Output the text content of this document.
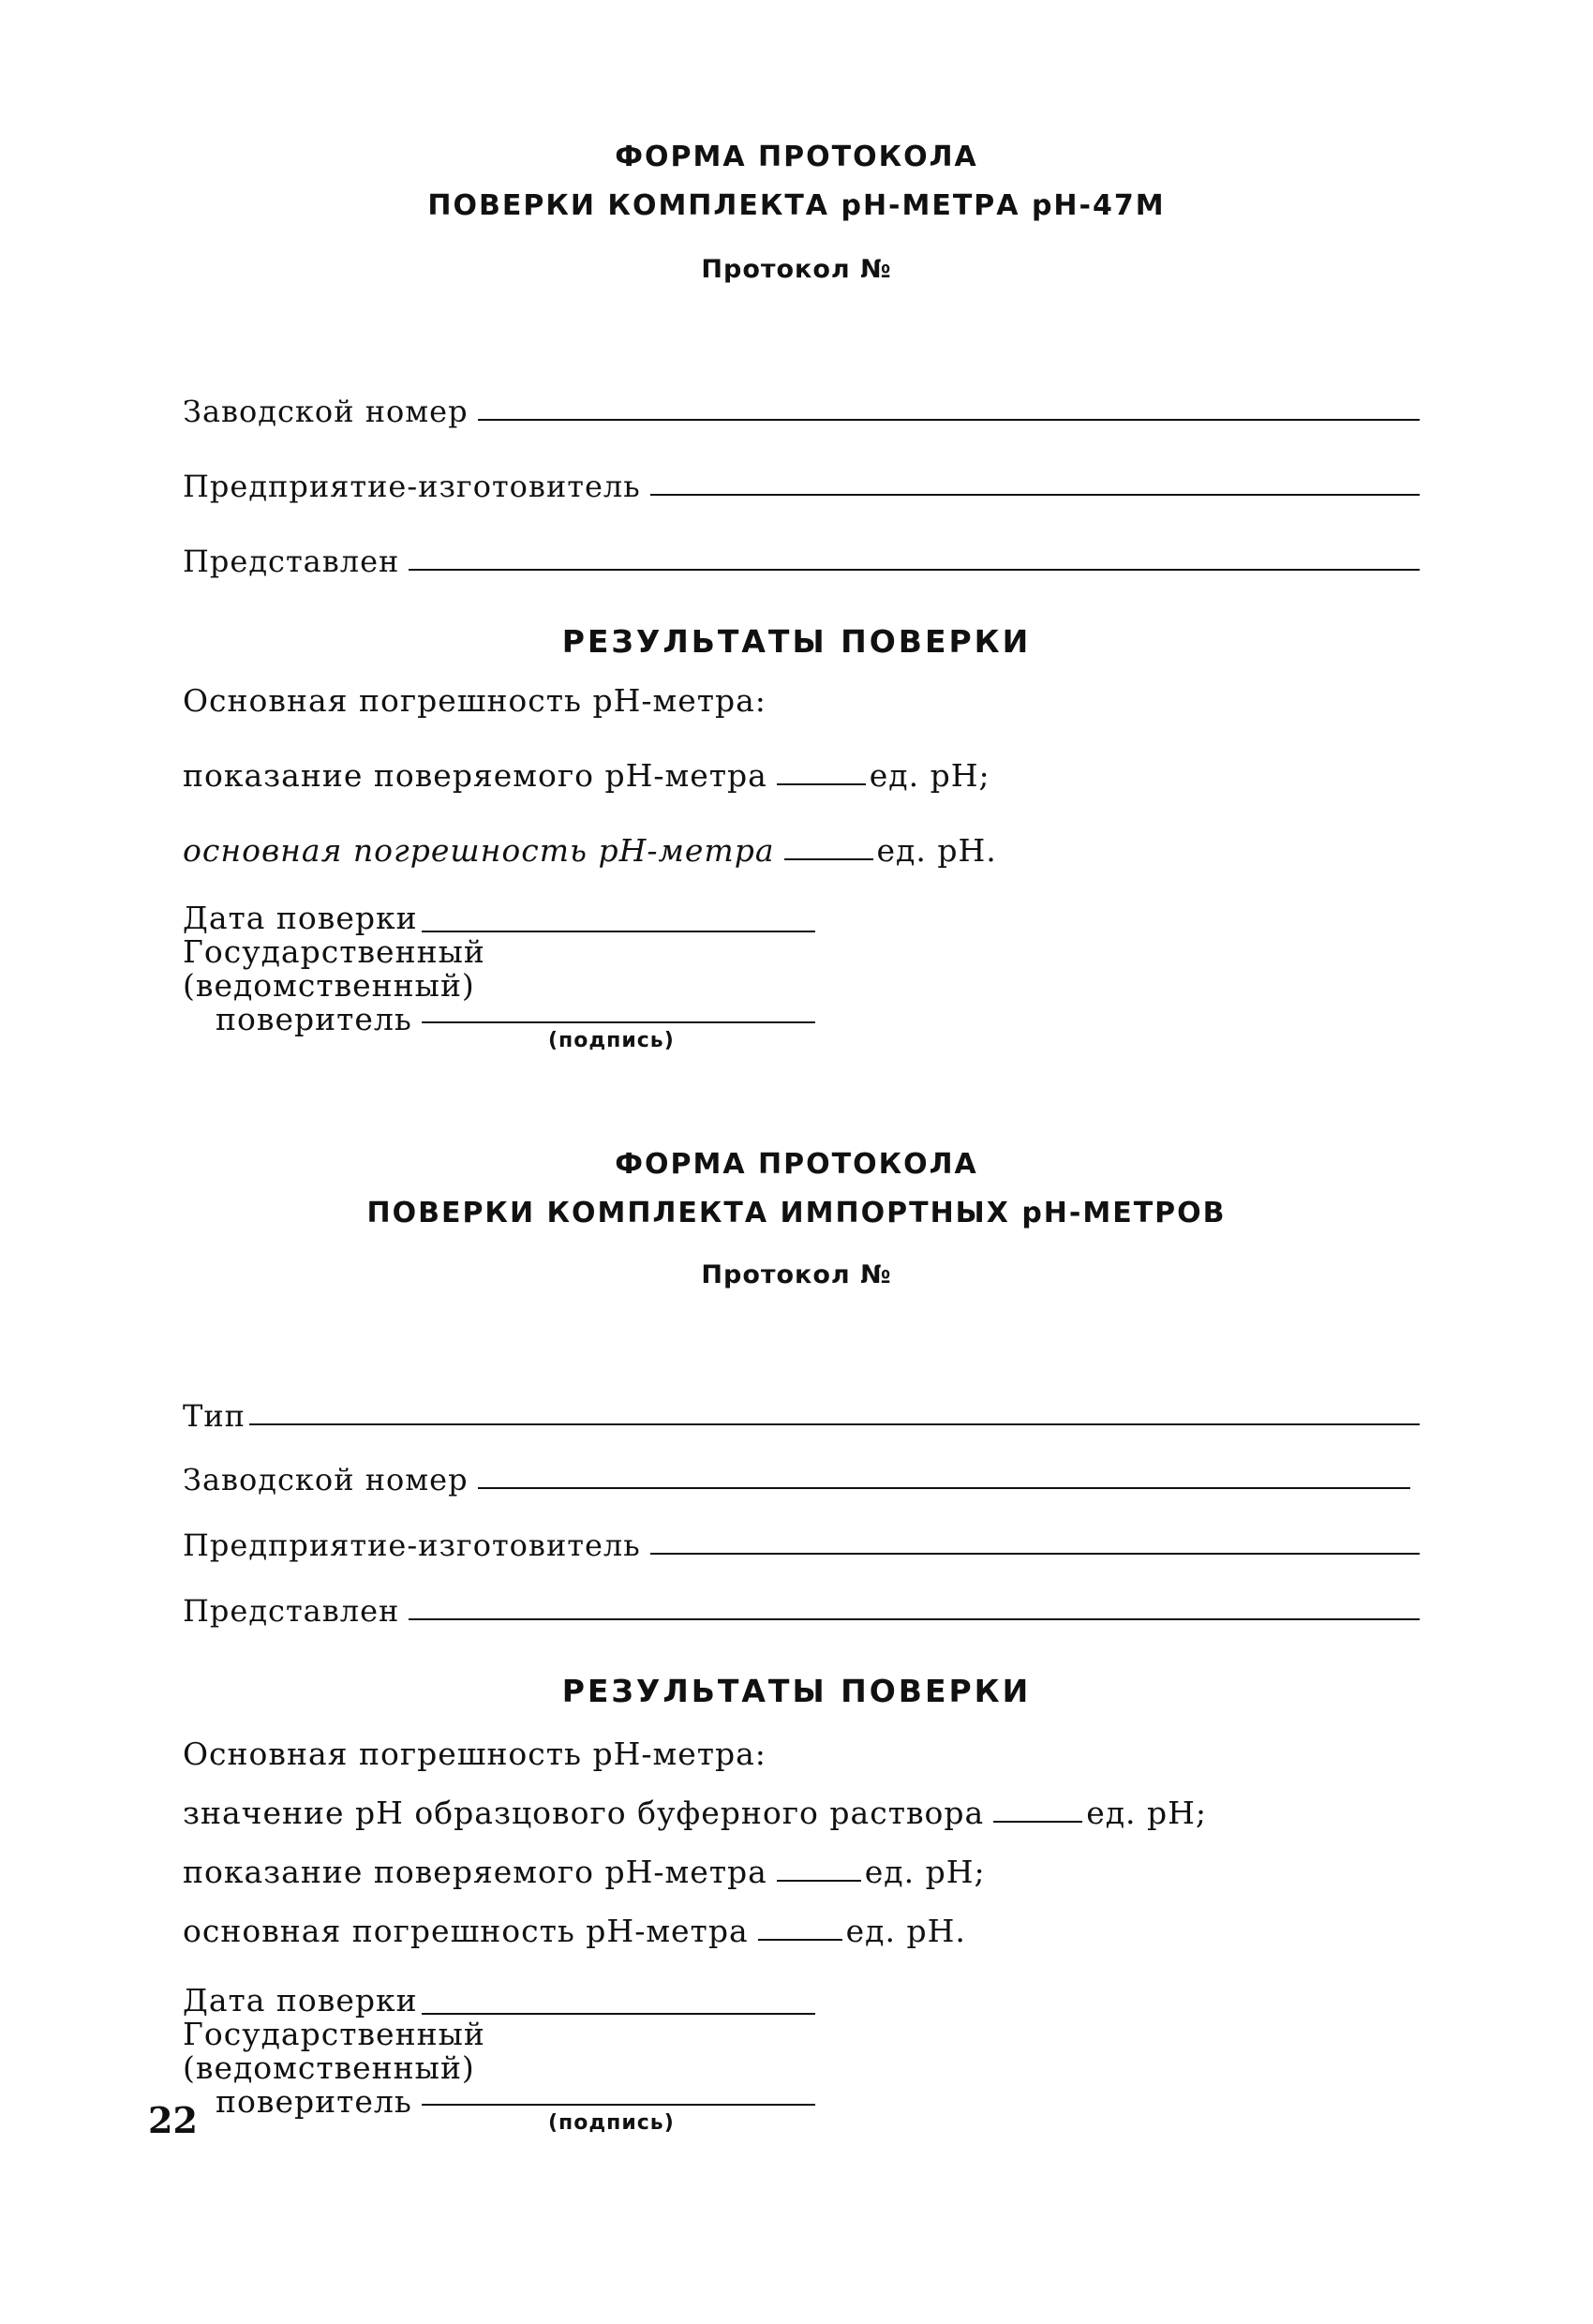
ФОРМА ПРОТОКОЛА
ПОВЕРКИ КОМПЛЕКТА pH-МЕТРА pH-47M
Протокол №
Заводской номер
Предприятие-изготовитель
Представлен
РЕЗУЛЬТАТЫ ПОВЕРКИ
Основная погрешность pH-метра:
показание поверяемого pH-метра	ед. pH;
основная погрешность pH-метра	ед. pH.
Дата поверки
Государственный
(ведомственный)
поверитель
(подпись)
ФОРМА ПРОТОКОЛА
ПОВЕРКИ КОМПЛЕКТА ИМПОРТНЫХ pH-МЕТРОВ
Протокол №
Тип
Заводской номер
Предприятие-изготовитель
Представлен
РЕЗУЛЬТАТЫ ПОВЕРКИ
Основная погрешность pH-метра:
значение pH образцового буферного раствора	ед. pH;
показание поверяемого pH-метра	ед. pH;
основная погрешность pH-метра	ед. pH.
Дата поверки
Государственный
(ведомственный)
поверитель
(подпись)
22
